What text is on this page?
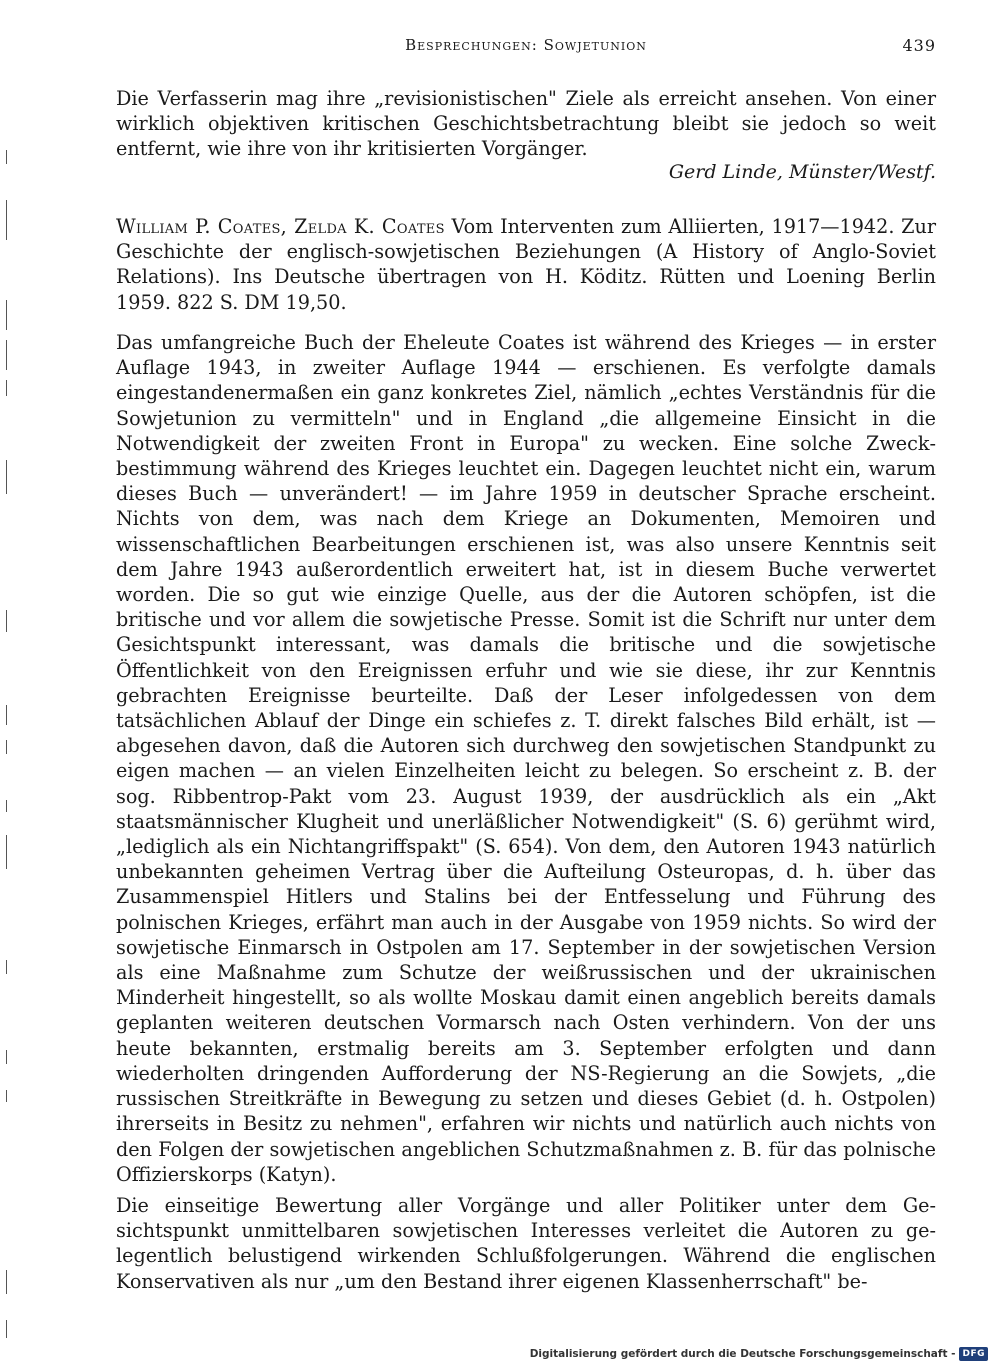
Besprechungen: Sowjetunion	439

Die Verfasserin mag ihre „revisionistischen" Ziele als erreicht ansehen. Von einer wirklich objektiven kritischen Geschichtsbetrachtung bleibt sie jedoch so weit entfernt, wie ihre von ihr kritisierten Vorgänger.

Gerd Linde, Münster/Westf.

William P. Coates, Zelda K. Coates Vom Interventen zum Alliierten, 1917—1942. Zur Geschichte der englisch-sowjetischen Beziehungen (A History of Anglo-Soviet Relations). Ins Deutsche übertragen von H. Köditz. Rütten und Loening Berlin 1959. 822 S. DM 19,50.

Das umfangreiche Buch der Eheleute Coates ist während des Krieges — in erster Auflage 1943, in zweiter Auflage 1944 — erschienen. Es verfolgte damals eingestandenermaßen ein ganz konkretes Ziel, nämlich „echtes Verständnis für die Sowjetunion zu vermitteln" und in England „die allgemeine Einsicht in die Notwendigkeit der zweiten Front in Europa" zu wecken. Eine solche Zweckbestimmung während des Krieges leuchtet ein. Dagegen leuchtet nicht ein, warum dieses Buch — unverändert! — im Jahre 1959 in deutscher Sprache erscheint. Nichts von dem, was nach dem Kriege an Dokumenten, Memoiren und wissenschaftlichen Bearbeitungen erschienen ist, was also unsere Kenntnis seit dem Jahre 1943 außerordentlich erweitert hat, ist in diesem Buche verwertet worden. Die so gut wie einzige Quelle, aus der die Autoren schöpfen, ist die britische und vor allem die sowjetische Presse. Somit ist die Schrift nur unter dem Gesichtspunkt interessant, was damals die britische und die sowjetische Öffentlichkeit von den Ereignissen erfuhr und wie sie diese, ihr zur Kenntnis gebrachten Ereignisse beurteilte. Daß der Leser infolgedessen von dem tatsächlichen Ablauf der Dinge ein schiefes z. T. direkt falsches Bild erhält, ist — abgesehen davon, daß die Autoren sich durchweg den sowjetischen Standpunkt zu eigen machen — an vielen Einzelheiten leicht zu belegen. So erscheint z. B. der sog. Ribbentrop-Pakt vom 23. August 1939, der ausdrücklich als ein „Akt staatsmännischer Klugheit und unerläßlicher Notwendigkeit" (S. 6) gerühmt wird, „lediglich als ein Nichtangriffspakt" (S. 654). Von dem, den Autoren 1943 natürlich unbekannten geheimen Vertrag über die Aufteilung Osteuropas, d. h. über das Zusammenspiel Hitlers und Stalins bei der Entfesselung und Führung des polnischen Krieges, erfährt man auch in der Ausgabe von 1959 nichts. So wird der sowjetische Einmarsch in Ostpolen am 17. September in der sowjetischen Version als eine Maßnahme zum Schutze der weißrussischen und der ukrainischen Minderheit hingestellt, so als wollte Moskau damit einen angeblich bereits damals geplanten weiteren deutschen Vormarsch nach Osten verhindern. Von der uns heute bekannten, erstmalig bereits am 3. September erfolgten und dann wiederholten dringenden Aufforderung der NS-Regierung an die Sowjets, „die russischen Streitkräfte in Bewegung zu setzen und dieses Gebiet (d. h. Ostpolen) ihrerseits in Besitz zu nehmen", erfahren wir nichts und natürlich auch nichts von den Folgen der sowjetischen angeblichen Schutzmaßnahmen z. B. für das polnische Offizierskorps (Katyn).

Die einseitige Bewertung aller Vorgänge und aller Politiker unter dem Gesichtspunkt unmittelbaren sowjetischen Interesses verleitet die Autoren zu gelegentlich belustigend wirkenden Schlußfolgerungen. Während die englischen Konservativen als nur „um den Bestand ihrer eigenen Klassenherrschaft" be-

Digitalisierung gefördert durch die Deutsche Forschungsgemeinschaft - DFG
